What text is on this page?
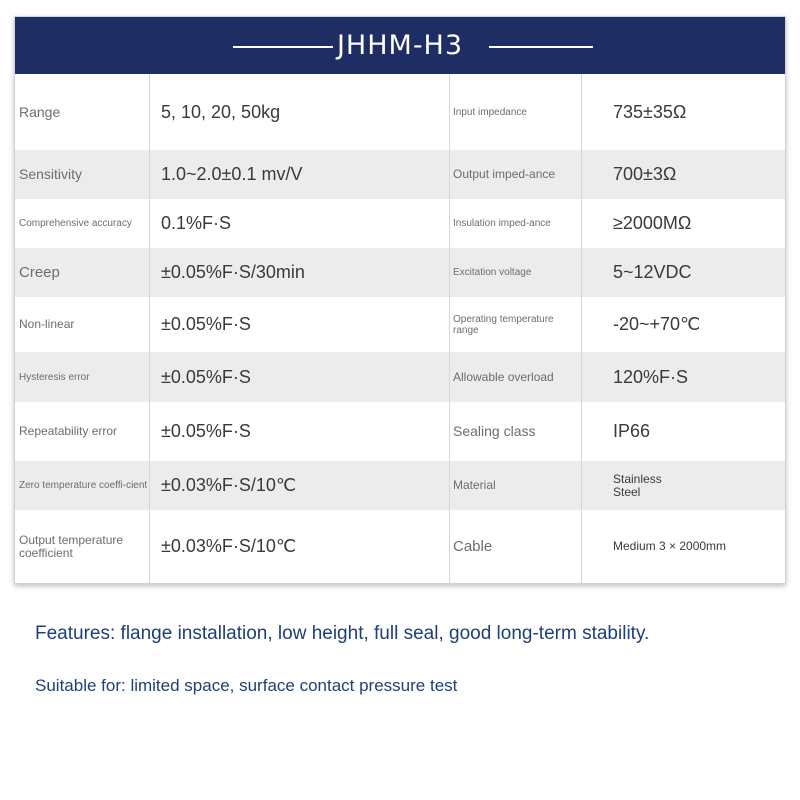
JHHM-H3
Range	5, 10, 20, 50kg	Input impedance	735±35Ω
Sensitivity	1.0~2.0±0.1 mv/V	Output imped-ance	700±3Ω
Comprehensive accuracy	0.1%F·S	Insulation imped-ance	≥2000MΩ
Creep	±0.05%F·S/30min	Excitation voltage	5~12VDC
Non-linear	±0.05%F·S	Operating temperature range	-20~+70℃
Hysteresis error	±0.05%F·S	Allowable overload	120%F·S
Repeatability error	±0.05%F·S	Sealing class	IP66
Zero temperature coeffi-cient ±0.03%F·S/10℃	Material	Stainless Steel
Output temperature coefficient	±0.03%F·S/10℃	Cable	Medium 3 × 2000mm
Features: flange installation, low height, full seal, good long-term stability.
Suitable for: limited space, surface contact pressure test
